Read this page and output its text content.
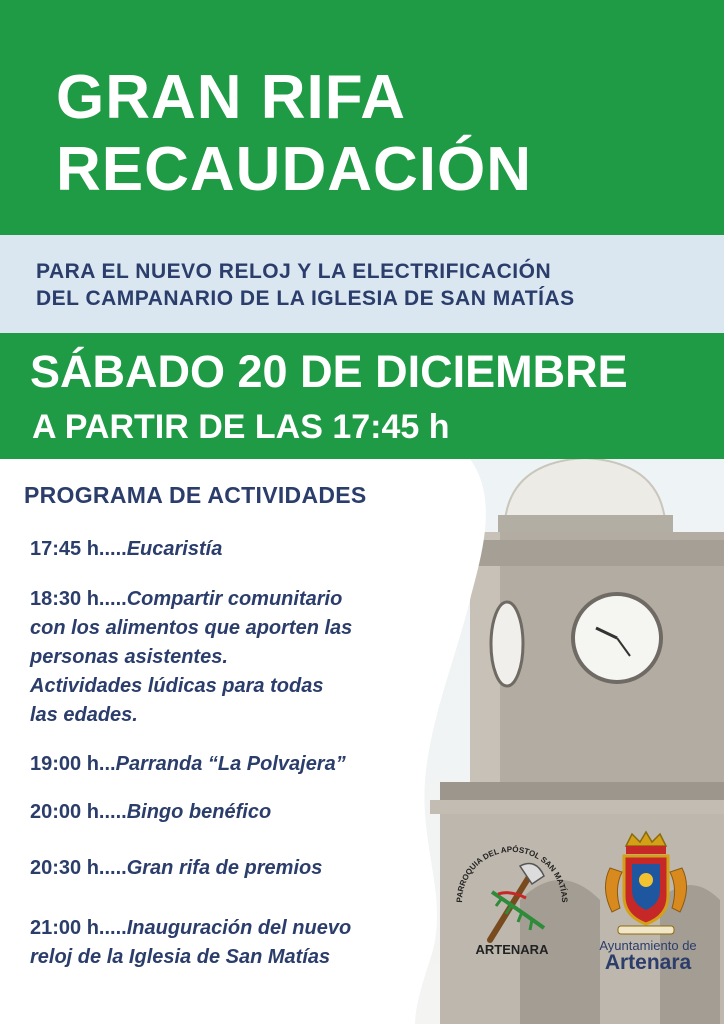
GRAN RIFA
RECAUDACIÓN
PARA EL NUEVO RELOJ Y LA ELECTRIFICACIÓN
DEL CAMPANARIO DE LA IGLESIA DE SAN MATÍAS

SÁBADO 20 DE DICIEMBRE

A PARTIR DE LAS 17:45 h

PROGRAMA DE ACTIVIDADES
17:45 h.....Eucaristía
18:30 h.....Compartir comunitario
con los alimentos que aporten las
personas asistentes.
Actividades lúdicas para todas
las edades.
19:00 h...Parranda “La Polvajera”
20:00 h.....Bingo benéfico
20:30 h.....Gran rifa de premios
21:00 h.....Inauguración del nuevo
reloj de la Iglesia de San Matías
PARROQUIA DEL APÓSTOL SAN MATÍAS
ARTENARA	Ayuntamiento de
Artenara
